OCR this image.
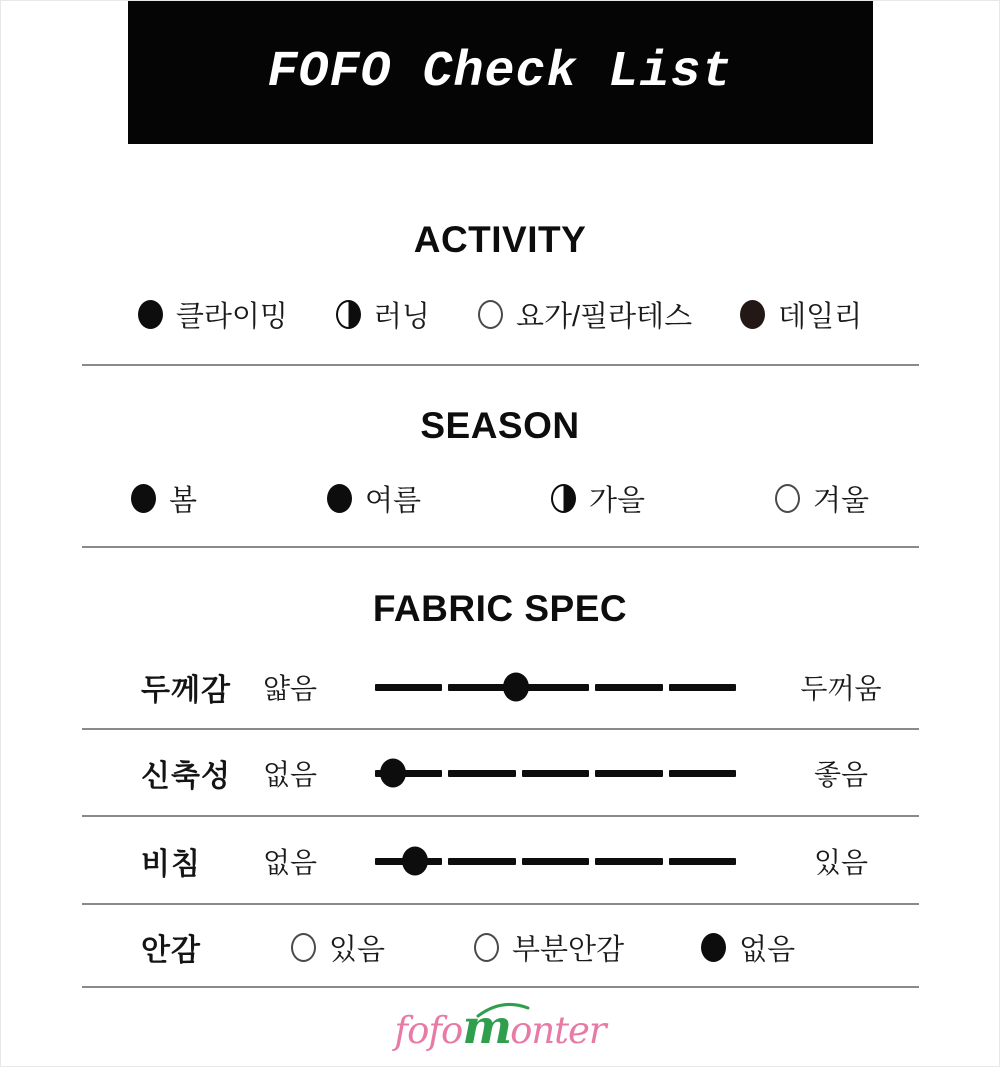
FOFO Check List
ACTIVITY
클라이밍	러닝	요가/필라테스	데일리
SEASON
봄	여름	가을	겨울
FABRIC SPEC
두께감	얇음	두꺼움
신축성	없음	좋음
비침	없음	있음
안감	있음	부분안감	없음
fofo m onter
